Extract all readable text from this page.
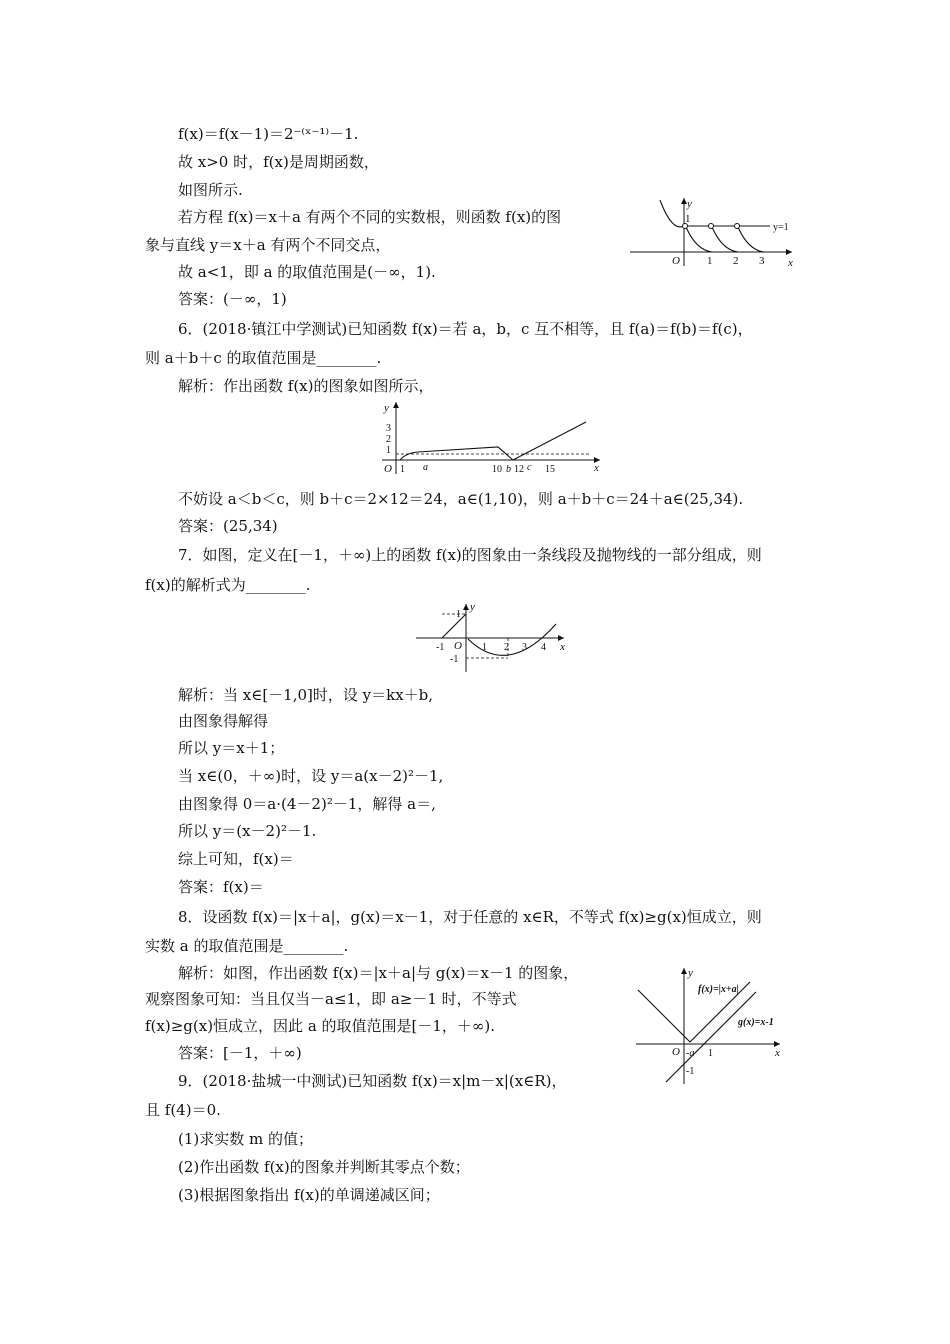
f(x)＝f(x－1)＝2⁻⁽ˣ⁻¹⁾－1.
故 x>0 时，f(x)是周期函数，
如图所示.
若方程 f(x)＝x＋a 有两个不同的实数根，则函数 f(x)的图
象与直线 y＝x＋a 有两个不同交点，
故 a<1，即 a 的取值范围是(－∞，1).
答案：(－∞，1)
6．(2018·镇江中学测试)已知函数 f(x)＝若 a，b，c 互不相等，且 f(a)＝f(b)＝f(c)，
则 a＋b＋c 的取值范围是________.
解析：作出函数 f(x)的图象如图所示，
不妨设 a＜b＜c，则 b＋c＝2×12＝24，a∈(1,10)，则 a＋b＋c＝24＋a∈(25,34).
答案：(25,34)
7．如图，定义在[－1，＋∞)上的函数 f(x)的图象由一条线段及抛物线的一部分组成，则
f(x)的解析式为________.
解析：当 x∈[－1,0]时，设 y＝kx＋b,
由图象得解得
所以 y＝x＋1；
当 x∈(0，＋∞)时，设 y＝a(x－2)²－1,
由图象得 0＝a·(4－2)²－1，解得 a＝,
所以 y＝(x－2)²－1.
综上可知，f(x)＝
答案：f(x)＝
8．设函数 f(x)＝|x＋a|，g(x)＝x－1，对于任意的 x∈R，不等式 f(x)≥g(x)恒成立，则
实数 a 的取值范围是________.
解析：如图，作出函数 f(x)＝|x＋a|与 g(x)＝x－1 的图象，
观察图象可知：当且仅当－a≤1，即 a≥－1 时，不等式
f(x)≥g(x)恒成立，因此 a 的取值范围是[－1，＋∞).
答案：[－1，＋∞)
9．(2018·盐城一中测试)已知函数 f(x)＝x|m－x|(x∈R)，
且 f(4)＝0.
(1)求实数 m 的值；
(2)作出函数 f(x)的图象并判断其零点个数；
(3)根据图象指出 f(x)的单调递减区间；
y
x
O
1
1 2 3
y=1
y
x
O
3
2
1
1 a	10 b 12 c 15
y
x
O
1
-1
-1	1 2 3 4
y
x
O
f(x)=|x+a|
g(x)=x-1
-a 1
-1
